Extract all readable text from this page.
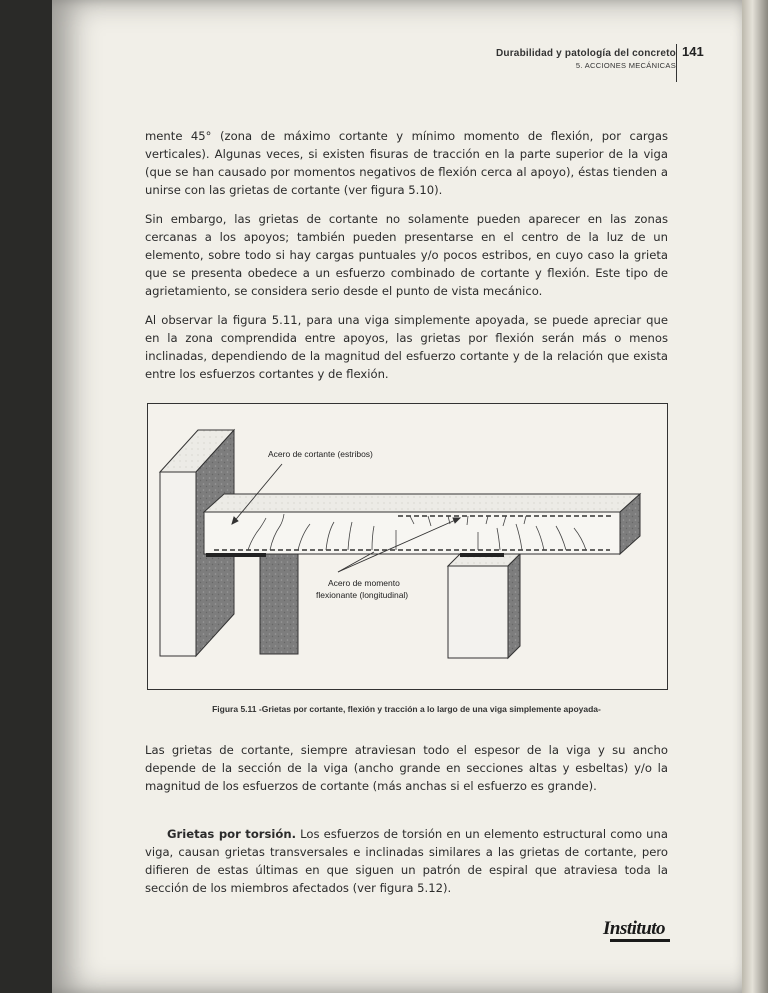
Durabilidad y patología del concreto
5. ACCIONES MECÁNICAS
141
mente 45° (zona de máximo cortante y mínimo momento de flexión, por cargas verticales). Algunas veces, si existen fisuras de tracción en la parte superior de la viga (que se han causado por momentos negativos de flexión cerca al apoyo), éstas tienden a unirse con las grietas de cortante (ver figura 5.10).
Sin embargo, las grietas de cortante no solamente pueden aparecer en las zonas cercanas a los apoyos; también pueden presentarse en el centro de la luz de un elemento, sobre todo si hay cargas puntuales y/o pocos estribos, en cuyo caso la grieta que se presenta obedece a un esfuerzo combinado de cortante y flexión. Este tipo de agrietamiento, se considera serio desde el punto de vista mecánico.
Al observar la figura 5.11, para una viga simplemente apoyada, se puede apreciar que en la zona comprendida entre apoyos, las grietas por flexión serán más o menos inclinadas, dependiendo de la magnitud del esfuerzo cortante y de la relación que exista entre los esfuerzos cortantes y de flexión.
Acero de cortante (estribos)
Acero de momento
flexionante (longitudinal)
Figura 5.11 -Grietas por cortante, flexión y tracción a lo largo de una viga simplemente apoyada-
Las grietas de cortante, siempre atraviesan todo el espesor de la viga y su ancho depende de la sección de la viga (ancho grande en secciones altas y esbeltas) y/o la magnitud de los esfuerzos de cortante (más anchas si el esfuerzo es grande).
Grietas por torsión. Los esfuerzos de torsión en un elemento estructural como una viga, causan grietas transversales e inclinadas similares a las grietas de cortante, pero difieren de estas últimas en que siguen un patrón de espiral que atraviesa toda la sección de los miembros afectados (ver figura 5.12).
Instituto
